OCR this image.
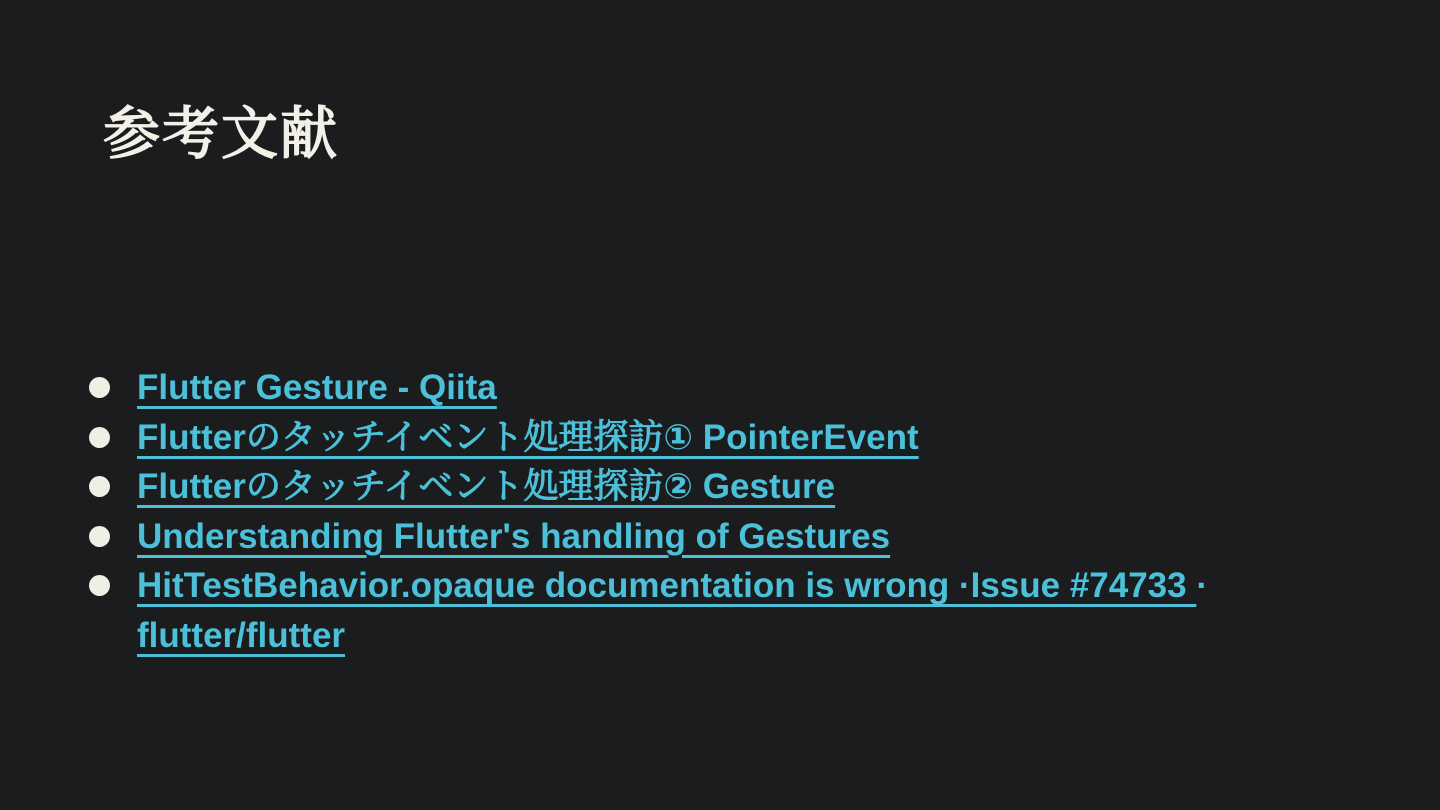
参考文献
Flutter Gesture - Qiita
Flutterのタッチイベント処理探訪① PointerEvent
Flutterのタッチイベント処理探訪② Gesture
Understanding Flutter's handling of Gestures
HitTestBehavior.opaque documentation is wrong ·Issue #74733 ·
flutter/flutter
